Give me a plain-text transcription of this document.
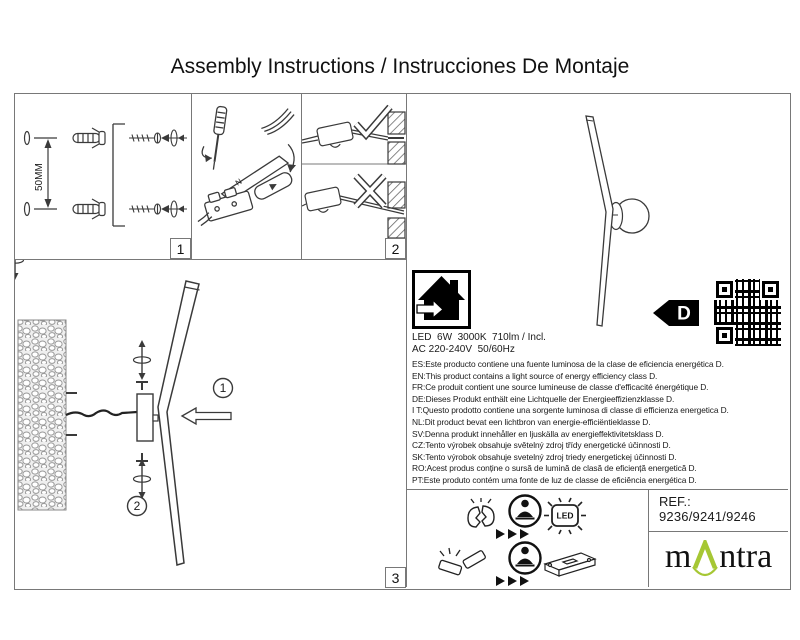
Assembly Instructions / Instrucciones De Montaje
50MM	N
1
2
1	2
3
D
LED  6W  3000K  710lm / Incl.
AC 220-240V  50/60Hz
ES:Este producto contiene una fuente luminosa de la clase de eficiencia energética D.
EN:This product contains a light source of energy efficiency class D.
FR:Ce produit contient une source lumineuse de classe d'efficacité énergétique D.
DE:Dieses Produkt enthält eine Lichtquelle der Energieeffizienzklasse D.
I T:Questo prodotto contiene una sorgente luminosa di classe di efficienza energetica D.
NL:Dit product bevat een lichtbron van energie-efficiëntieklasse D.
SV:Denna produkt innehåller en ljuskälla av energieffektivitetsklass D.
CZ:Tento výrobek obsahuje světelný zdroj třídy energetické účinnosti D.
SK:Tento výrobok obsahuje svetelný zdroj triedy energetickej účinnosti D.
RO:Acest produs conține o sursă de lumină de clasă de eficiență energetică D.
PT:Este produto contém uma fonte de luz de classe de eficiência energética D.
LED
REF.:
9236/9241/9246
m ntra
